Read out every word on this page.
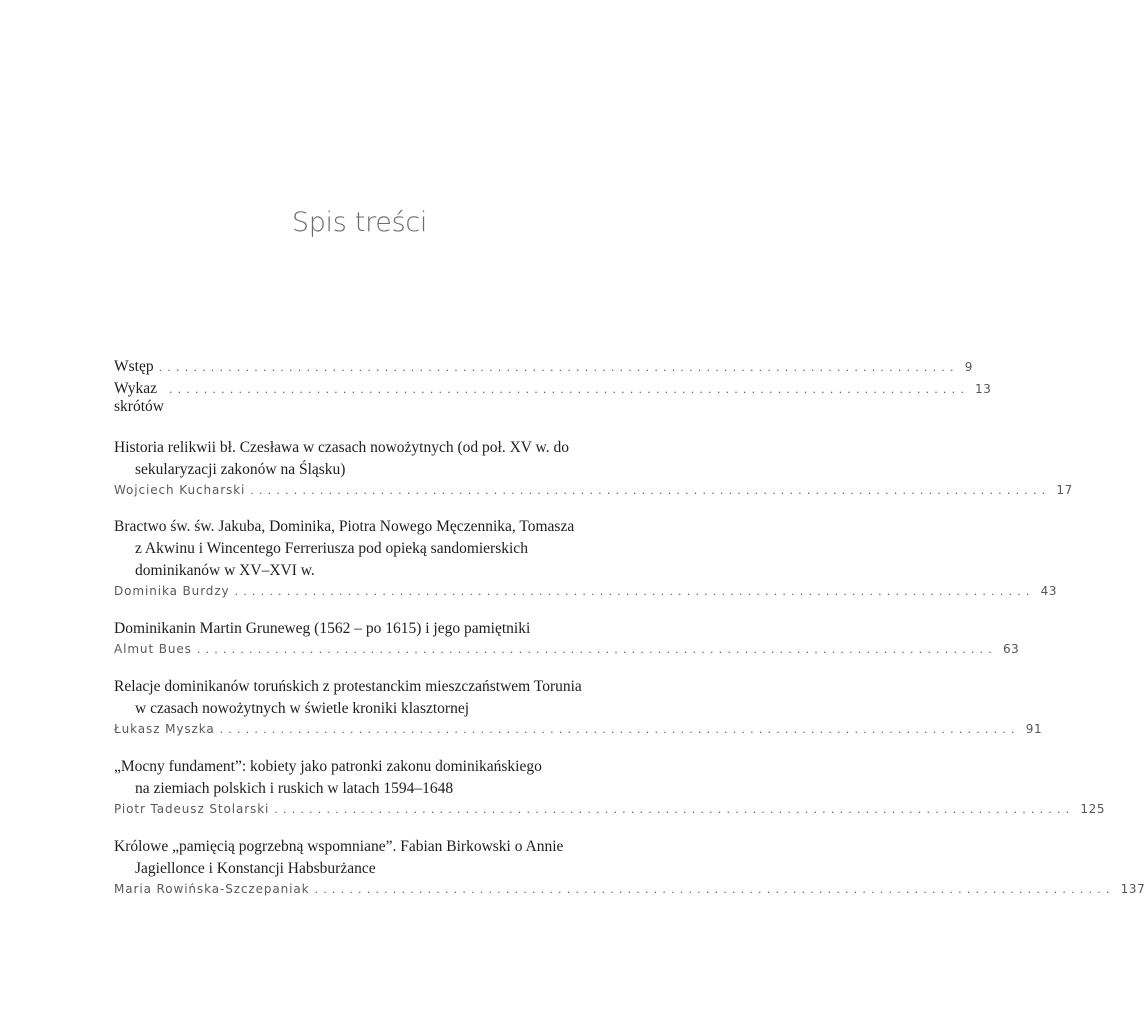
Spis treści
Wstęp ............................................................................................ 9
Wykaz skrótów
............................................................................................ 13
Historia relikwii bł. Czesława w czasach nowożytnych (od poł. XV w. do
sekularyzacji zakonów na Śląsku)
Wojciech Kucharski ............................................................................................ 17
Bractwo św. św. Jakuba, Dominika, Piotra Nowego Męczennika, Tomasza
z Akwinu i Wincentego Ferreriusza pod opieką sandomierskich
dominikanów w XV–XVI w.
Dominika Burdzy ............................................................................................ 43
Dominikanin Martin Gruneweg (1562 – po 1615) i jego pamiętniki
Almut Bues ............................................................................................ 63
Relacje dominikanów toruńskich z protestanckim mieszczaństwem Torunia
w czasach nowożytnych w świetle kroniki klasztornej
Łukasz Myszka ............................................................................................ 91
„Mocny fundament”: kobiety jako patronki zakonu dominikańskiego
na ziemiach polskich i ruskich w latach 1594–1648
Piotr Tadeusz Stolarski ............................................................................................ 125
Królowe „pamięcią pogrzebną wspomniane”. Fabian Birkowski o Annie
Jagiellonce i Konstancji Habsburżance
Maria Rowińska-Szczepaniak ............................................................................................ 137
